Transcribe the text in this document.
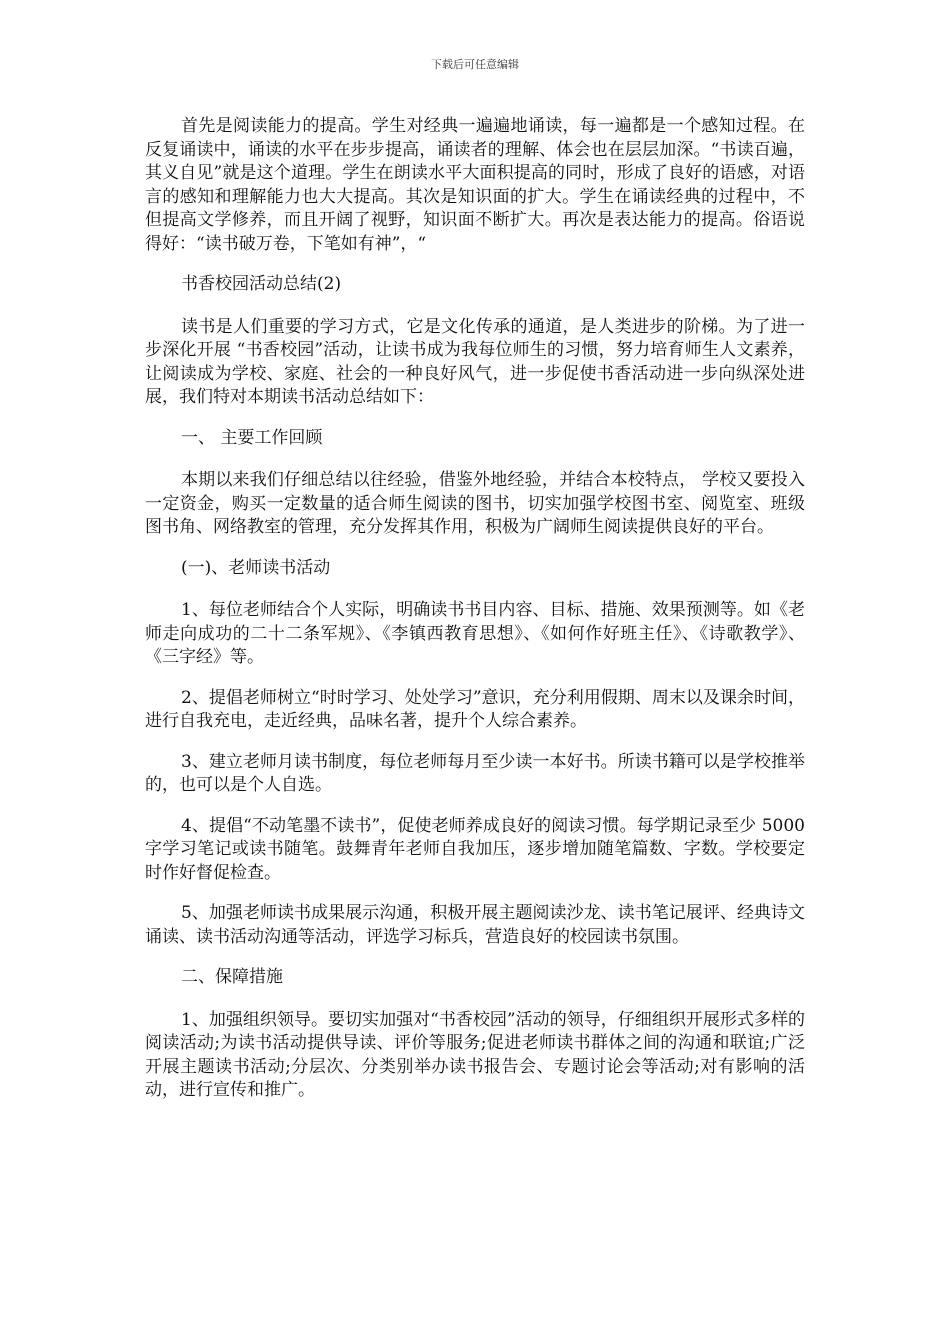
下载后可任意编辑

首先是阅读能力的提高。学生对经典一遍遍地诵读，每一遍都是一个感知过程。在反复诵读中，诵读的水平在步步提高，诵读者的理解、体会也在层层加深。“书读百遍，其义自见”就是这个道理。学生在朗读水平大面积提高的同时，形成了良好的语感，对语言的感知和理解能力也大大提高。其次是知识面的扩大。学生在诵读经典的过程中，不但提高文学修养，而且开阔了视野，知识面不断扩大。再次是表达能力的提高。俗语说得好：“读书破万卷，下笔如有神”，“

书香校园活动总结(2)

读书是人们重要的学习方式，它是文化传承的通道，是人类进步的阶梯。为了进一步深化开展 “书香校园”活动，让读书成为我每位师生的习惯，努力培育师生人文素养，让阅读成为学校、家庭、社会的一种良好风气，进一步促使书香活动进一步向纵深处进展，我们特对本期读书活动总结如下：

一、 主要工作回顾

本期以来我们仔细总结以往经验，借鉴外地经验，并结合本校特点， 学校又要投入一定资金，购买一定数量的适合师生阅读的图书，切实加强学校图书室、阅览室、班级图书角、网络教室的管理，充分发挥其作用，积极为广阔师生阅读提供良好的平台。

(一)、老师读书活动

1、每位老师结合个人实际，明确读书书目内容、目标、措施、效果预测等。如《老师走向成功的二十二条军规》、《李镇西教育思想》、《如何作好班主任》、《诗歌教学》、《三字经》等。

2、提倡老师树立“时时学习、处处学习”意识，充分利用假期、周末以及课余时间，进行自我充电，走近经典，品味名著，提升个人综合素养。

3、建立老师月读书制度，每位老师每月至少读一本好书。所读书籍可以是学校推举的，也可以是个人自选。

4、提倡“不动笔墨不读书”，促使老师养成良好的阅读习惯。每学期记录至少 5000 字学习笔记或读书随笔。鼓舞青年老师自我加压，逐步增加随笔篇数、字数。学校要定时作好督促检查。

5、加强老师读书成果展示沟通，积极开展主题阅读沙龙、读书笔记展评、经典诗文诵读、读书活动沟通等活动，评选学习标兵，营造良好的校园读书氛围。

二、保障措施

1、加强组织领导。要切实加强对“书香校园”活动的领导，仔细组织开展形式多样的阅读活动;为读书活动提供导读、评价等服务;促进老师读书群体之间的沟通和联谊;广泛开展主题读书活动;分层次、分类别举办读书报告会、专题讨论会等活动;对有影响的活动，进行宣传和推广。
